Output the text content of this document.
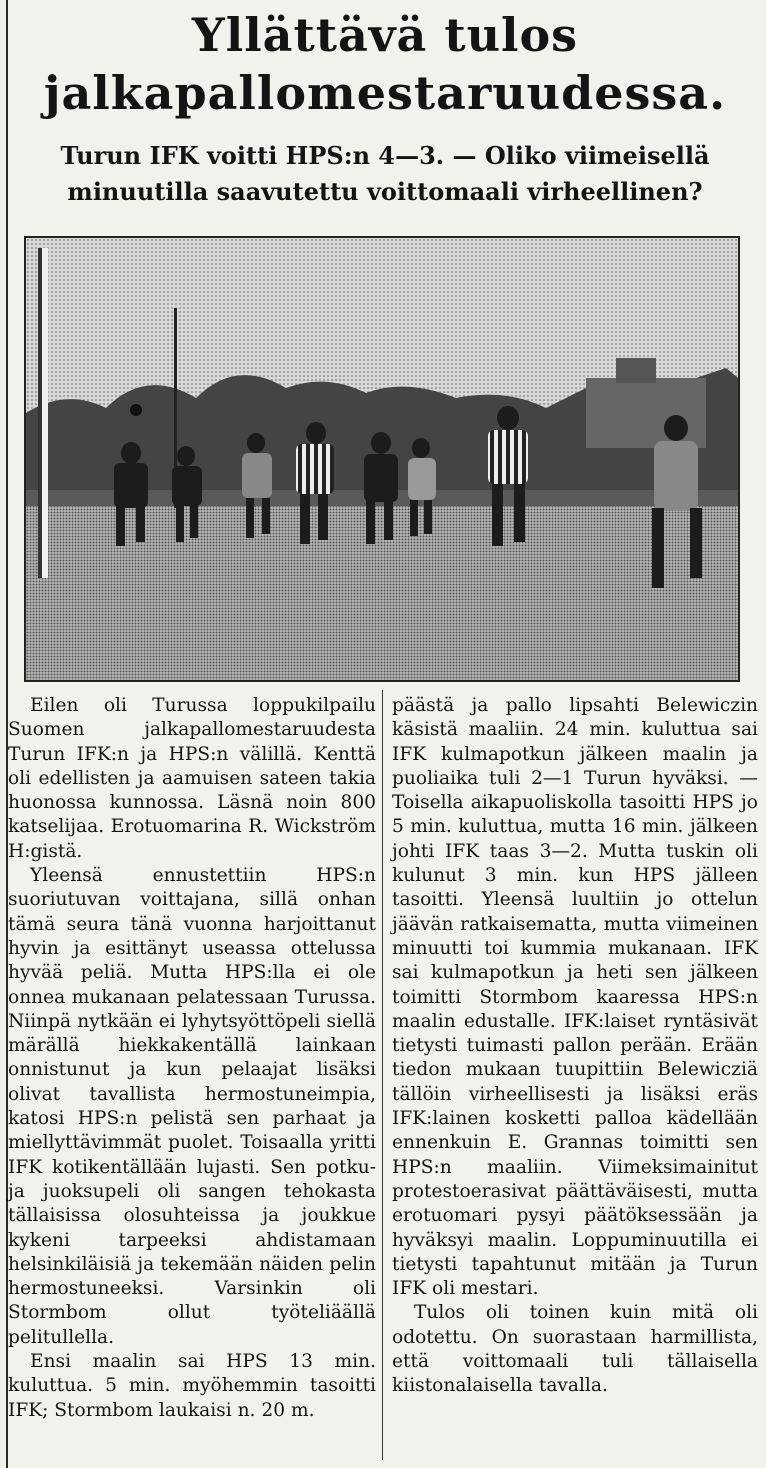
Yllättävä tulos jalkapallomestaruudessa.
Turun IFK voitti HPS:n 4—3. — Oliko viimeisellä minuutilla saavutettu voittomaali virheellinen?

Eilen oli Turussa loppukilpailu Suomen jalkapallomestaruudesta Turun IFK:n ja HPS:n välillä. Kenttä oli edellisten ja aamuisen sateen takia huonossa kunnossa. Läsnä noin 800 katselijaa. Erotuomarina R. Wickström H:gistä.

Yleensä ennustettiin HPS:n suoriutuvan voittajana, sillä onhan tämä seura tänä vuonna harjoittanut hyvin ja esittänyt useassa ottelussa hyvää peliä. Mutta HPS:lla ei ole onnea mukanaan pelatessaan Turussa. Niinpä nytkään ei lyhytsyöttöpeli siellä märällä hiekkakentällä lainkaan onnistunut ja kun pelaajat lisäksi olivat tavallista hermostuneimpia, katosi HPS:n pelistä sen parhaat ja miellyttävimmät puolet. Toisaalla yritti IFK kotikentällään lujasti. Sen potku- ja juoksupeli oli sangen tehokasta tällaisissa olosuhteissa ja joukkue kykeni tarpeeksi ahdistamaan helsinkiläisiä ja tekemään näiden pelin hermostuneeksi. Varsinkin oli Stormbom ollut työteliäällä pelitullella.

Ensi maalin sai HPS 13 min. kuluttua. 5 min. myöhemmin tasoitti IFK; Stormbom laukaisi n. 20 m.

päästä ja pallo lipsahti Belewiczin käsistä maaliin. 24 min. kuluttua sai IFK kulmapotkun jälkeen maalin ja puoliaika tuli 2—1 Turun hyväksi. — Toisella aikapuoliskolla tasoitti HPS jo 5 min. kuluttua, mutta 16 min. jälkeen johti IFK taas 3—2. Mutta tuskin oli kulunut 3 min. kun HPS jälleen tasoitti. Yleensä luultiin jo ottelun jäävän ratkaisematta, mutta viimeinen minuutti toi kummia mukanaan. IFK sai kulmapotkun ja heti sen jälkeen toimitti Stormbom kaaressa HPS:n maalin edustalle. IFK:laiset ryntäsivät tietysti tuimasti pallon perään. Erään tiedon mukaan tuupittiin Belewicziä tällöin virheellisesti ja lisäksi eräs IFK:lainen kosketti palloa kädellään ennenkuin E. Grannas toimitti sen HPS:n maaliin. Viimeksimainitut protestoerasivat päättäväisesti, mutta erotuomari pysyi päätöksessään ja hyväksyi maalin. Loppuminuutilla ei tietysti tapahtunut mitään ja Turun IFK oli mestari.

Tulos oli toinen kuin mitä oli odotettu. On suorastaan harmillista, että voittomaali tuli tällaisella kiistonalaisella tavalla.
